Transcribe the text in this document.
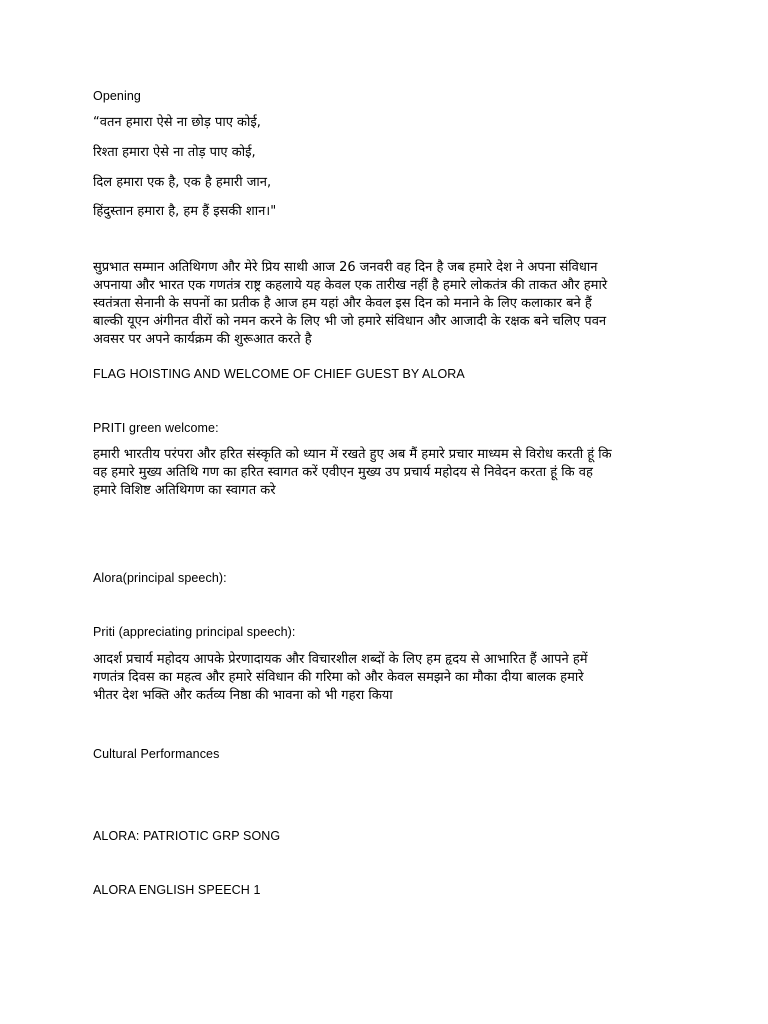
Opening
“वतन हमारा ऐसे ना छोड़ पाए कोई,
रिश्ता हमारा ऐसे ना तोड़ पाए कोई,
दिल हमारा एक है, एक है हमारी जान,
हिंदुस्तान हमारा है, हम हैं इसकी शान।"
सुप्रभात सम्मान अतिथिगण और मेरे प्रिय साथी आज 26 जनवरी वह दिन है जब हमारे देश ने अपना संविधान
अपनाया और भारत एक गणतंत्र राष्ट्र कहलाये यह केवल एक तारीख नहीं है हमारे लोकतंत्र की ताकत और हमारे
स्वतंत्रता सेनानी के सपनों का प्रतीक है आज हम यहां और केवल इस दिन को मनाने के लिए कलाकार बने हैं
बाल्की यूएन अंगीनत वीरों को नमन करने के लिए भी जो हमारे संविधान और आजादी के रक्षक बने चलिए पवन
अवसर पर अपने कार्यक्रम की शुरूआत करते है
FLAG HOISTING AND WELCOME OF CHIEF GUEST BY ALORA
PRITI green welcome:
हमारी भारतीय परंपरा और हरित संस्कृति को ध्यान में रखते हुए अब मैं हमारे प्रचार माध्यम से विरोध करती हूं कि
वह हमारे मुख्य अतिथि गण का हरित स्वागत करें एवीएन मुख्य उप प्रचार्य महोदय से निवेदन करता हूं कि वह
हमारे विशिष्ट अतिथिगण का स्वागत करे
Alora(principal speech):
Priti (appreciating principal speech):
आदर्श प्रचार्य महोदय आपके प्रेरणादायक और विचारशील शब्दों के लिए हम हृदय से आभारित हैं आपने हमें
गणतंत्र दिवस का महत्व और हमारे संविधान की गरिमा को और केवल समझने का मौका दीया बालक हमारे
भीतर देश भक्ति और कर्तव्य निष्ठा की भावना को भी गहरा किया
Cultural Performances
ALORA: PATRIOTIC GRP SONG
ALORA ENGLISH SPEECH 1
